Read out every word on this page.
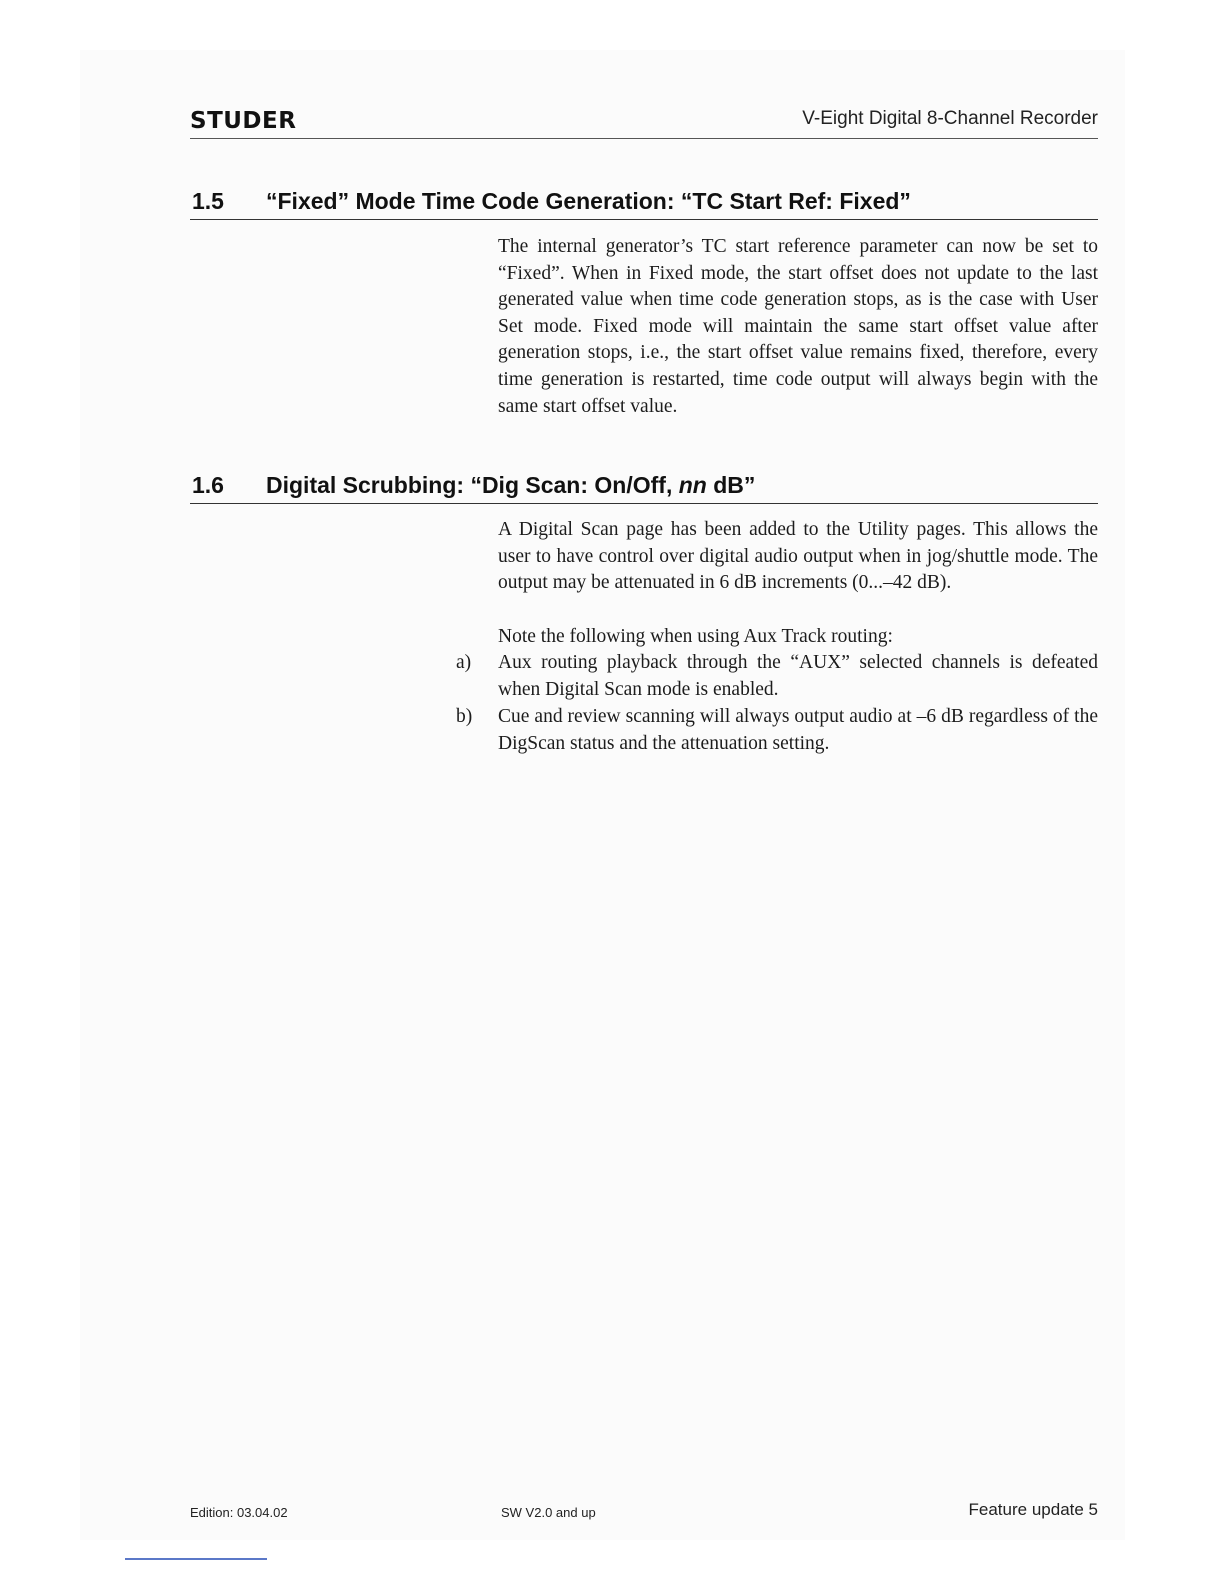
STUDER	V-Eight Digital 8-Channel Recorder
1.5 “Fixed” Mode Time Code Generation: “TC Start Ref: Fixed”

The internal generator’s TC start reference parameter can now be set to “Fixed”. When in Fixed mode, the start offset does not update to the last generated value when time code generation stops, as is the case with User Set mode. Fixed mode will maintain the same start offset value after generation stops, i.e., the start offset value remains fixed, therefore, every time generation is restarted, time code output will always begin with the same start offset value.

1.6 Digital Scrubbing: “Dig Scan: On/Off, nn dB”

A Digital Scan page has been added to the Utility pages. This allows the user to have control over digital audio output when in jog/shuttle mode. The output may be attenuated in 6 dB increments (0...–42 dB).

Note the following when using Aux Track routing:

a) Aux routing playback through the “AUX” selected channels is defeated when Digital Scan mode is enabled.
b) Cue and review scanning will always output audio at –6 dB regardless of the DigScan status and the attenuation setting.
Edition: 03.04.02	SW V2.0 and up	Feature update 5
